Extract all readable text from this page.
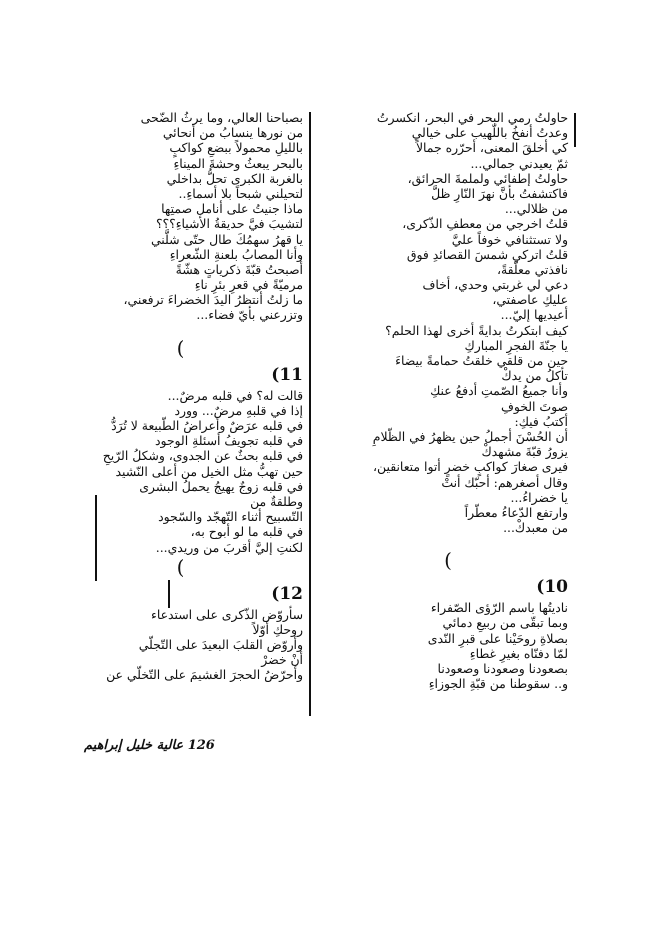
حاولتُ رمي البحر في البحر، انكسرتُ
وعدتُ أنفخُ باللّهيب على خيالي
كي أخلقَ المعنى، أحرّره جمالاً
ثمّ يعيدني جمالي...
حاولتُ إطفائي ولملمةَ الحرائق،
فاكتشفتُ بأنَّ نهرَ النّارِ ظلَّ
من ظلالي...
قلتُ اخرجي من معطفِ الذّكرى،
ولا تستثنافي خوفاً عليَّ
قلتُ اتركي شمسَ القصائدِ فوق
نافذتي معلّقةً،
دعي لي غربتي وحدي، أخاف
عليكِ عاصفتي،
أعيديها إليّ...
كيف ابتكرتُ بدايةً أخرى لهذا الحلم؟
يا جنّةَ الفجرِ المباركِ
حين من قلقي خلقتُ حمامةً بيضاءَ
تأكلُ من يدكْ
وأنا جميعُ الصّمتِ أدفعُ عنكِ
صوتَ الخوفِ
أكتبُ فيكِ:
أن الحُسْنَ أجملُ حين يظهرُ في الظّلامِ
يزورُ قبّةَ مشهدكْ
فيرى صغارَ كواكبٍ خضرٍ أتوا متعانقين،
وقال أصغرهم: أحبّك أنتْ
يا خضراءُ...
وارتفع الدّعاءُ معطّراً
من معبدكْ...
)
10)
ناديتُها باسم الرّؤى الصّفراء
وبما تبقّى من ربيعِ دمائي
بصلاةِ روحَيْنا على قبرِ النّدى
لمّا دفنّاه بغيرِ غطاءِ
بصعودنا وصعودنا وصعودنا
و.. سقوطنا من قبّةِ الجوزاءِ
بصباحنا العالي، وما يرثُ الضّحى
من نورها ينسابُ من أنحائي
بالليلِ محمولاً ببضعِ كواكبٍ
بالبحر يبعثُ وحشةَ الميناءِ
بالغربة الكبرى تحلُّ بداخلي
لتحيلني شبحاً بلا أسماءِ..
ماذا جنيتُ على أنامل صمتِها
لتشيبَ فيَّ حديقةُ الأشياءِ؟؟؟
يا قهرُ سهمُكَ طال حتّى شلَّني
وأنا المصابُ بلعنةِ الشّعراءِ
أصبحتُ قبّةَ ذكرياتٍ هشّةً
مرميّةً في قعرِ بئرِ ناءِ
ما زلتُ أنتظرُ اليدَ الخضراءَ ترفعني،
وتزرعني بأيّ فضاء...
)
11)
قالت له؟ في قلبه مرضٌ...
إذا في قلبهِ مرضٌ... وورد
في قلبه عرَضٌ وأعراضُ الطّبيعة لا تُرَدُّ
في قلبه تجويفُ أسئلةِ الوجود
في قلبه بحثٌ عن الجدوى، وشكلُ الرّيحِ
حين تهبُّ مثل الخيل من أعلى النّشيد
في قلبه زوجٌ يهيجُ يحملُ البشرى
وطلقةٌ من
التّسبيح أثناء التّهجّد والسّجود
في قلبه ما لو أبوح به،
لكنتِ إليَّ أقربَ من وريدي...
)
12)
سأروّض الذّكرى على استدعاء
روحكِ أوّلاً
وأروّض القلبَ البعيدَ على التّجلّي
أنْ خضرْ
وأحرّضُ الحجرَ الغشيمَ على التّخلّي عن
126 عالية خليل إبراهيم
